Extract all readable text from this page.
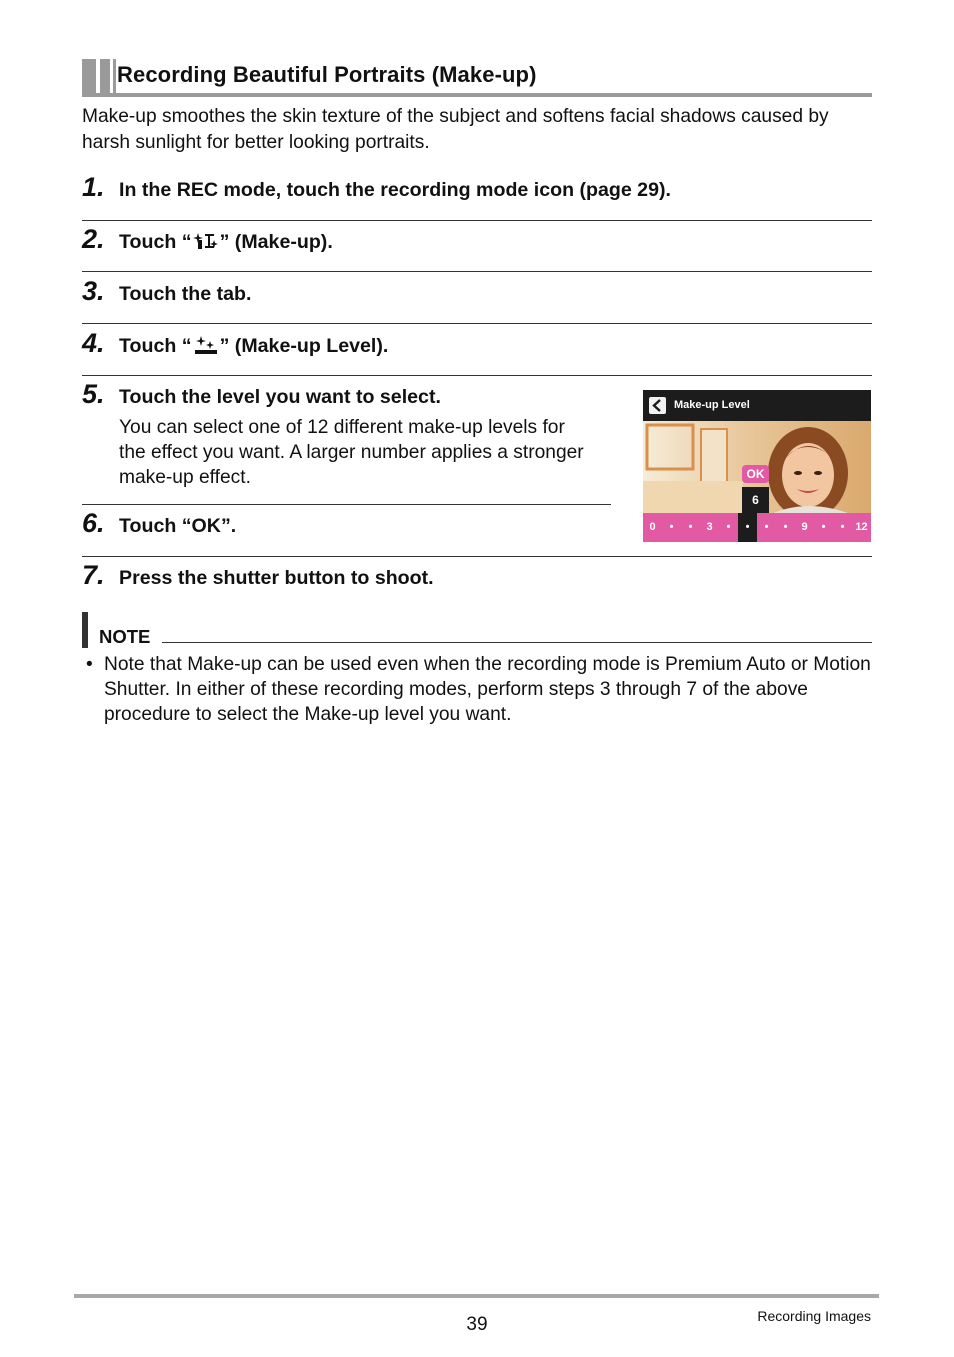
Recording Beautiful Portraits (Make-up)

Make-up smoothes the skin texture of the subject and softens facial shadows caused by harsh sunlight for better looking portraits.

1. In the REC mode, touch the recording mode icon (page 29).
2. Touch “ ” (Make-up).
3. Touch the tab.
4. Touch “ ” (Make-up Level).
5. Touch the level you want to select.

You can select one of 12 different make-up levels for the effect you want. A larger number applies a stronger make-up effect.

Make-up Level
OK
6
0	•	•	3	•	•	•	•	9	•	• 12
6. Touch “OK”.
7. Press the shutter button to shoot.
NOTE
• Note that Make-up can be used even when the recording mode is Premium Auto or Motion Shutter. In either of these recording modes, perform steps 3 through 7 of the above procedure to select the Make-up level you want.

39	Recording Images
